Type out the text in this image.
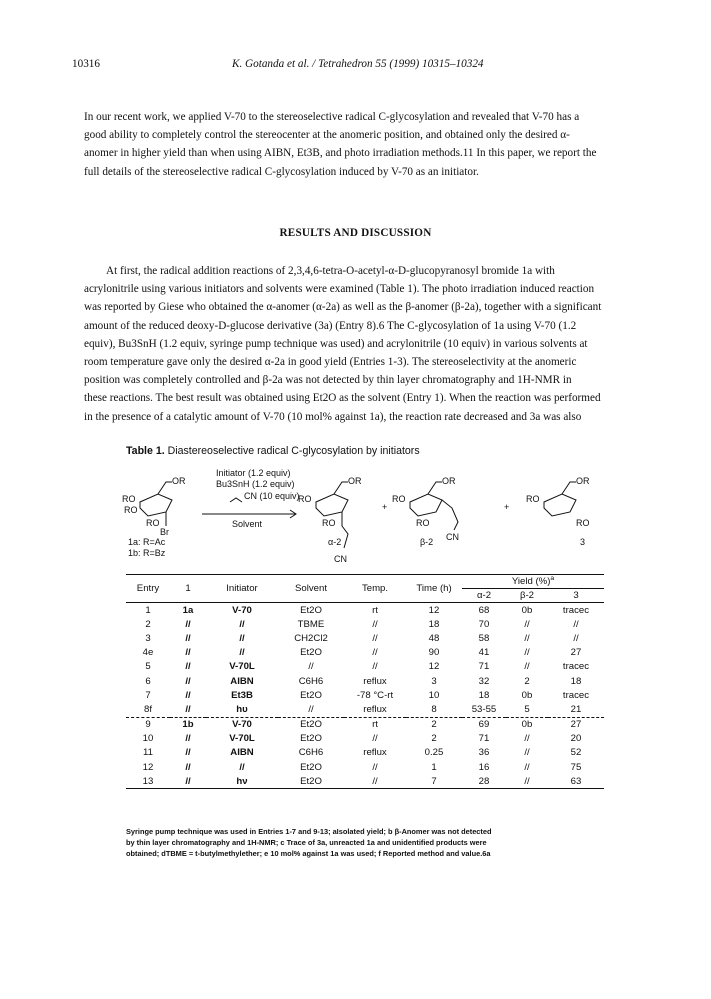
10316	K. Gotanda et al. / Tetrahedron 55 (1999) 10315–10324
In our recent work, we applied V-70 to the stereoselective radical C-glycosylation and revealed that V-70 has a
good ability to completely control the stereocenter at the anomeric position, and obtained only the desired α-
anomer in higher yield than when using AIBN, Et3B, and photo irradiation methods.11 In this paper, we report the
full details of the stereoselective radical C-glycosylation induced by V-70 as an initiator.
RESULTS AND DISCUSSION
At first, the radical addition reactions of 2,3,4,6-tetra-O-acetyl-α-D-glucopyranosyl bromide 1a with
acrylonitrile using various initiators and solvents were examined (Table 1). The photo irradiation induced reaction
was reported by Giese who obtained the α-anomer (α-2a) as well as the β-anomer (β-2a), together with a significant
amount of the reduced deoxy-D-glucose derivative (3a) (Entry 8).6 The C-glycosylation of 1a using V-70 (1.2
equiv), Bu3SnH (1.2 equiv, syringe pump technique was used) and acrylonitrile (10 equiv) in various solvents at
room temperature gave only the desired α-2a in good yield (Entries 1-3). The stereoselectivity at the anomeric
position was completely controlled and β-2a was not detected by thin layer chromatography and 1H-NMR in
these reactions. The best result was obtained using Et2O as the solvent (Entry 1). When the reaction was performed
in the presence of a catalytic amount of V-70 (10 mol% against 1a), the reaction rate decreased and 3a was also
Table 1. Diastereoselective radical C-glycosylation by initiators
Initiator (1.2 equiv)
Bu3SnH (1.2 equiv)
CN (10 equiv)
Solvent
OR
RO
RO
RO
Br
1a: R=Ac
1b: R=Bz
OR
RO
RO
CN
α-2
+
OR
RO
RO
CN
β-2
+
OR
RO
RO
3
Entry	1	Initiator	Solvent	Temp.	Time (h)	Yield (%)$^a$
						α-2	β-2	3
1	1a	V-70	Et2O	rt	12	68	0b	tracec
2	//	//	TBME	//	18	70	//	//
3	//	//	CH2Cl2	//	48	58	//	//
4e	//	//	Et2O	//	90	41	//	27
5	//	V-70L	//	//	12	71	//	tracec
6	//	AIBN	C6H6	reflux	3	32	2	18
7	//	Et3B	Et2O	-78 °C-rt	10	18	0b	tracec
8f	//	hυ	//	reflux	8	53-55	5	21
9	1b	V-70	Et2O	rt	2	69	0b	27
10	//	V-70L	Et2O	//	2	71	//	20
11	//	AIBN	C6H6	reflux	0.25	36	//	52
12	//	//	Et2O	//	1	16	//	75
13	//	hν	Et2O	//	7	28	//	63
Syringe pump technique was used in Entries 1-7 and 9-13; aIsolated yield; b β-Anomer was not detected
by thin layer chromatography and 1H-NMR; c Trace of 3a, unreacted 1a and unidentified products were
obtained; dTBME = t-butylmethylether; e 10 mol% against 1a was used; f Reported method and value.6a
